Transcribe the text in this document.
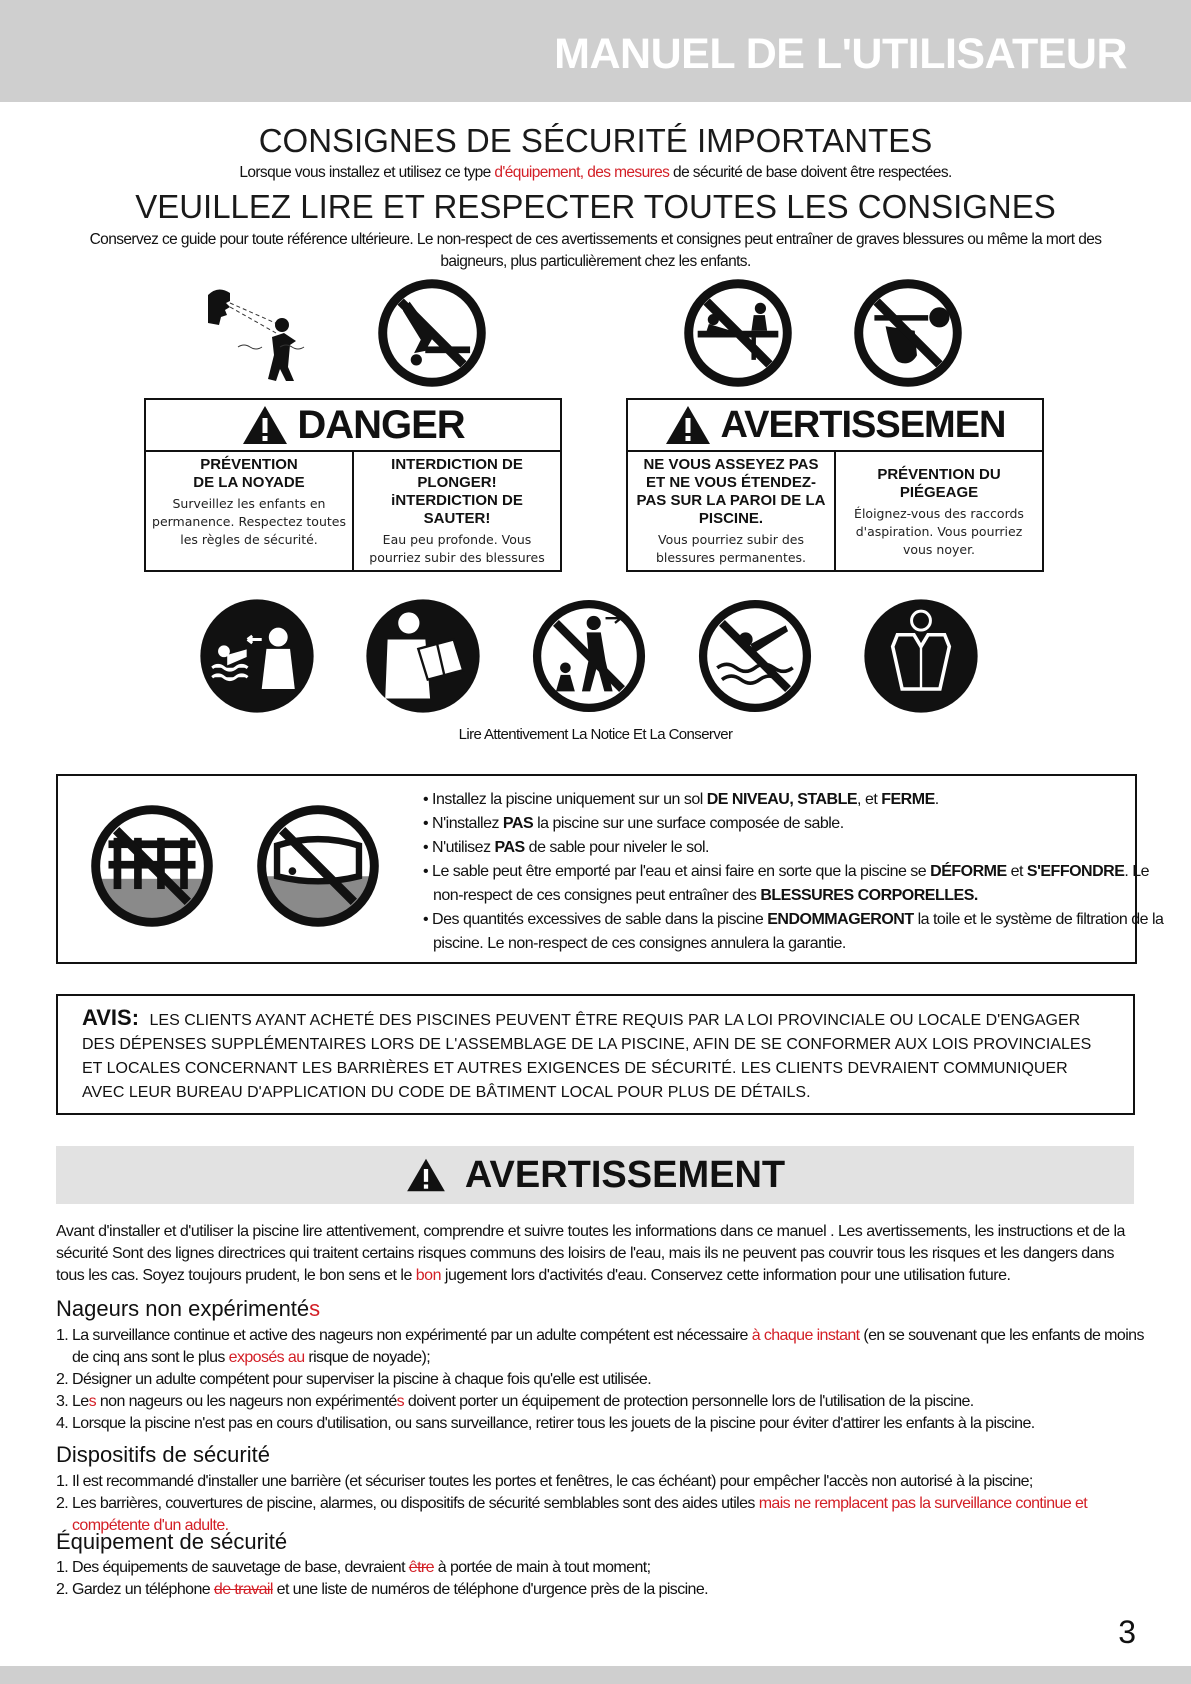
MANUEL DE L'UTILISATEUR
CONSIGNES DE SÉCURITÉ IMPORTANTES
Lorsque vous installez et utilisez ce type d'équipement, des mesures de sécurité de base doivent être respectées.
VEUILLEZ LIRE ET RESPECTER TOUTES LES CONSIGNES
Conservez ce guide pour toute référence ultérieure. Le non-respect de ces avertissements et consignes peut entraîner de graves blessures ou même la mort des baigneurs, plus particulièrement chez les enfants.
DANGER
PRÉVENTION DE LA NOYADE
Surveillez les enfants en permanence. Respectez toutes les règles de sécurité.
INTERDICTION DE PLONGER! iNTERDICTION DE SAUTER!
Eau peu profonde. Vous pourriez subir des blessures
AVERTISSEMEN
NE VOUS ASSEYEZ PAS ET NE VOUS ÉTENDEZ-PAS SUR LA PAROI DE LA PISCINE.
Vous pourriez subir des blessures permanentes.
PRÉVENTION DU PIÉGEAGE
Éloignez-vous des raccords d'aspiration. Vous pourriez vous noyer.
Lire Attentivement La Notice Et La Conserver
• Installez la piscine uniquement sur un sol DE NIVEAU, STABLE, et FERME.
• N'installez PAS la piscine sur une surface composée de sable.
• N'utilisez PAS de sable pour niveler le sol.
• Le sable peut être emporté par l'eau et ainsi faire en sorte que la piscine se DÉFORME et S'EFFONDRE. Le non-respect de ces consignes peut entraîner des BLESSURES CORPORELLES.
• Des quantités excessives de sable dans la piscine ENDOMMAGERONT la toile et le système de filtration de la piscine. Le non-respect de ces consignes annulera la garantie.
AVIS: LES CLIENTS AYANT ACHETÉ DES PISCINES PEUVENT ÊTRE REQUIS PAR LA LOI PROVINCIALE OU LOCALE D'ENGAGER DES DÉPENSES SUPPLÉMENTAIRES LORS DE L'ASSEMBLAGE DE LA PISCINE, AFIN DE SE CONFORMER AUX LOIS PROVINCIALES ET LOCALES CONCERNANT LES BARRIÈRES ET AUTRES EXIGENCES DE SÉCURITÉ. LES CLIENTS DEVRAIENT COMMUNIQUER AVEC LEUR BUREAU D'APPLICATION DU CODE DE BÂTIMENT LOCAL POUR PLUS DE DÉTAILS.
AVERTISSEMENT
Avant d'installer et d'utiliser la piscine lire attentivement, comprendre et suivre toutes les informations dans ce manuel . Les avertissements, les instructions et de la sécurité Sont des lignes directrices qui traitent certains risques communs des loisirs de l'eau, mais ils ne peuvent pas couvrir tous les risques et les dangers dans tous les cas. Soyez toujours prudent, le bon sens et le bon jugement lors d'activités d'eau. Conservez cette information pour une utilisation future.
Nageurs non expérimentés
1. La surveillance continue et active des nageurs non expérimenté par un adulte compétent est nécessaire à chaque instant (en se souvenant que les enfants de moins de cinq ans sont le plus exposés au risque de noyade);
2. Désigner un adulte compétent pour superviser la piscine à chaque fois qu'elle est utilisée.
3. Les non nageurs ou les nageurs non expérimentés doivent porter un équipement de protection personnelle lors de l'utilisation de la piscine.
4. Lorsque la piscine n'est pas en cours d'utilisation, ou sans surveillance, retirer tous les jouets de la piscine pour éviter d'attirer les enfants à la piscine.
Dispositifs de sécurité
1. Il est recommandé d'installer une barrière (et sécuriser toutes les portes et fenêtres, le cas échéant) pour empêcher l'accès non autorisé à la piscine;
2. Les barrières, couvertures de piscine, alarmes, ou dispositifs de sécurité semblables sont des aides utiles mais ne remplacent pas la surveillance continue et compétente d'un adulte.
Équipement de sécurité
1. Des équipements de sauvetage de base, devraient être à portée de main à tout moment;
2. Gardez un téléphone de travail et une liste de numéros de téléphone d'urgence près de la piscine.
3
